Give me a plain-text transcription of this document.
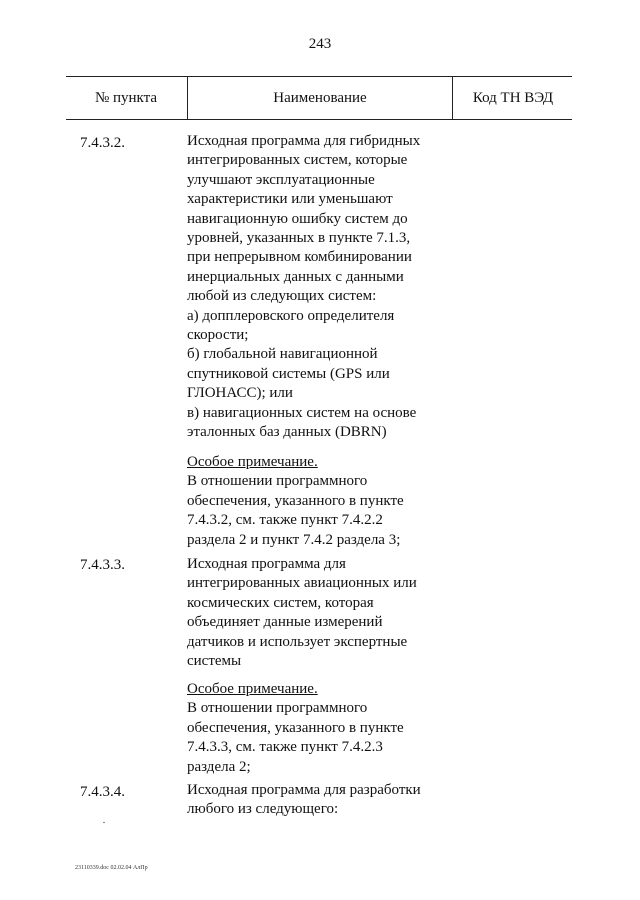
243
№ пункта	Наименование	Код ТН ВЭД
7.4.3.2.	Исходная программа для гибридных
интегрированных систем, которые
улучшают эксплуатационные
характеристики или уменьшают
навигационную ошибку систем до
уровней, указанных в пункте 7.1.3,
при непрерывном комбинировании
инерциальных данных с данными
любой из следующих систем:
а) допплеровского определителя
скорости;
б) глобальной навигационной
спутниковой системы (GPS или
ГЛОНАСС); или
в) навигационных систем на основе
эталонных баз данных (DBRN)
Особое примечание.
В отношении программного
обеспечения, указанного в пункте
7.4.3.2, см. также пункт 7.4.2.2
раздела 2 и пункт 7.4.2 раздела 3;
7.4.3.3.	Исходная программа для
интегрированных авиационных или
космических систем, которая
объединяет данные измерений
датчиков и использует экспертные
системы
Особое примечание.
В отношении программного
обеспечения, указанного в пункте
7.4.3.3, см. также пункт 7.4.2.3
раздела 2;
7.4.3.4.	Исходная программа для разработки
любого из следующего:
23110339.doc 02.02.04 АлПр
